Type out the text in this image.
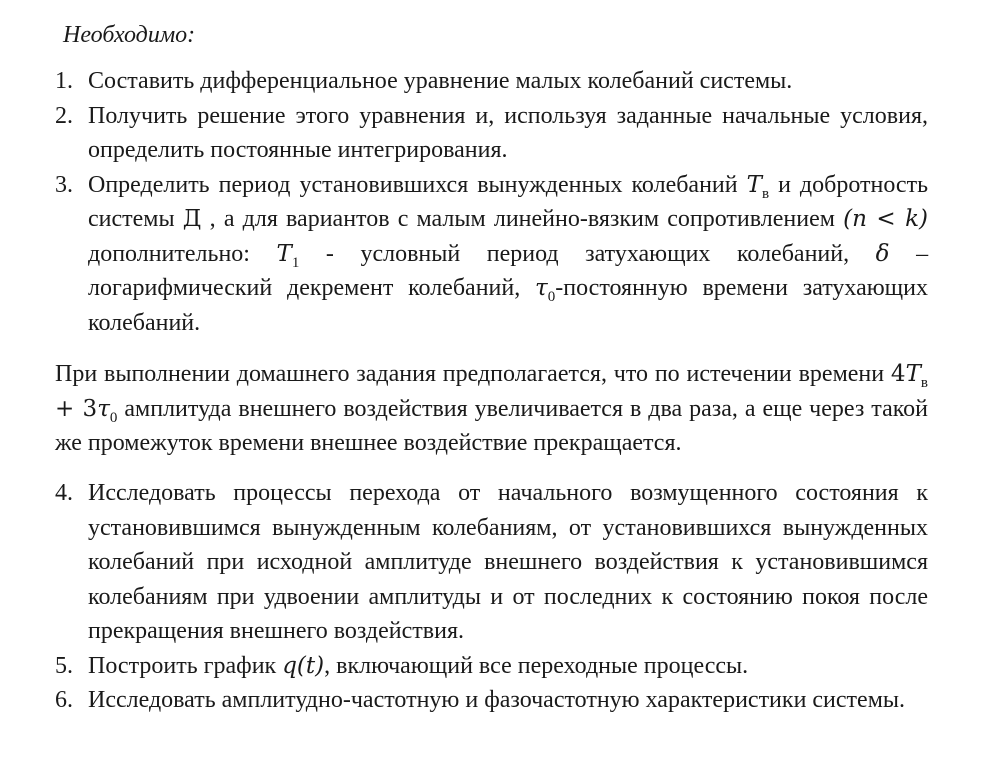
Необходимо:
1. Составить дифференциальное уравнение малых колебаний системы.
2. Получить решение этого уравнения и, используя заданные начальные условия, определить постоянные интегрирования.
3. Определить период установившихся вынужденных колебаний $T_в$ и добротность системы Д , а для вариантов с малым линейно-вязким сопротивлением (n < k) дополнительно: $T_1$ - условный период затухающих колебаний, δ – логарифмический декремент колебаний, $\tau_0$-постоянную времени затухающих колебаний.

При выполнении домашнего задания предполагается, что по истечении времени $4T_в + 3\tau_0$ амплитуда внешнего воздействия увеличивается в два раза, а еще через такой же промежуток времени внешнее воздействие прекращается.

4. Исследовать процессы перехода от начального возмущенного состояния к установившимся вынужденным колебаниям, от установившихся вынужденных колебаний при исходной амплитуде внешнего воздействия к установившимся колебаниям при удвоении амплитуды и от последних к состоянию покоя после прекращения внешнего воздействия.
5. Построить график q(t), включающий все переходные процессы.
6. Исследовать амплитудно-частотную и фазочастотную характеристики системы.
